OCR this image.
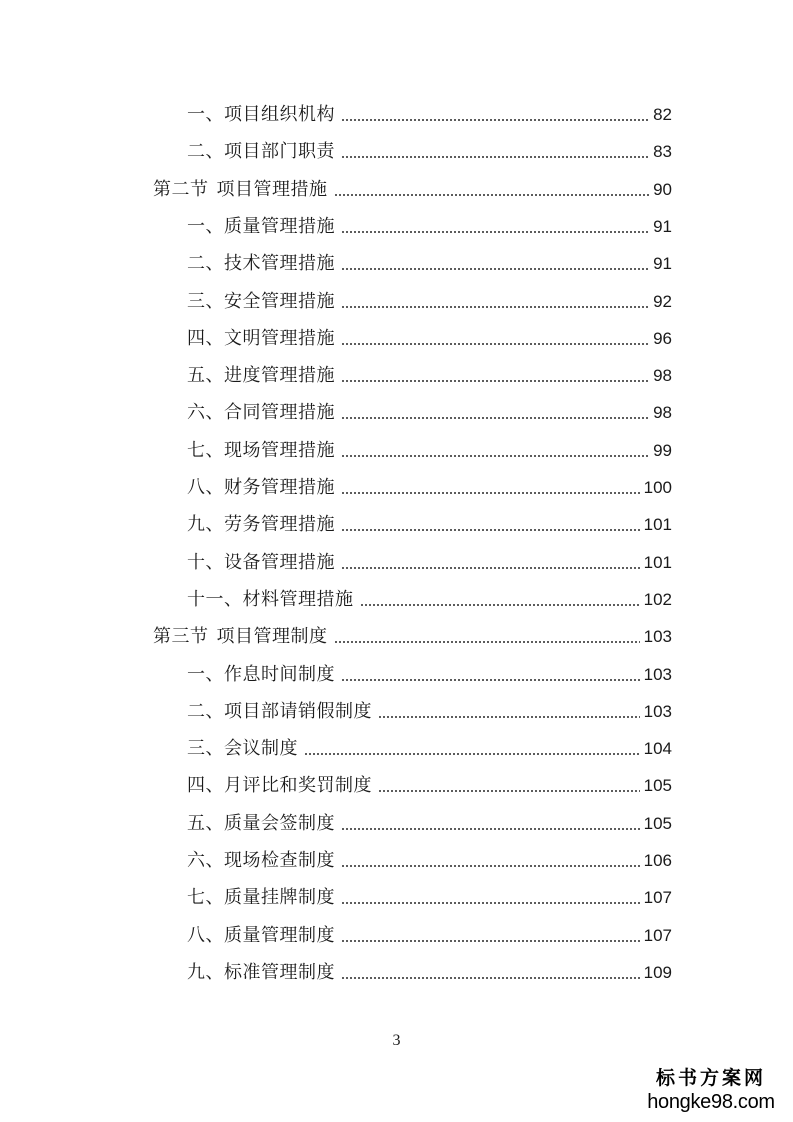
一、项目组织机构	82
二、项目部门职责	83
第二节 项目管理措施	90
一、质量管理措施	91
二、技术管理措施	91
三、安全管理措施	92
四、文明管理措施	96
五、进度管理措施	98
六、合同管理措施	98
七、现场管理措施	99
八、财务管理措施	100
九、劳务管理措施	101
十、设备管理措施	101
十一、材料管理措施	102
第三节 项目管理制度	103
一、作息时间制度	103
二、项目部请销假制度	103
三、会议制度	104
四、月评比和奖罚制度	105
五、质量会签制度	105
六、现场检查制度	106
七、质量挂牌制度	107
八、质量管理制度	107
九、标准管理制度	109
3
标书方案网
hongke98.com
